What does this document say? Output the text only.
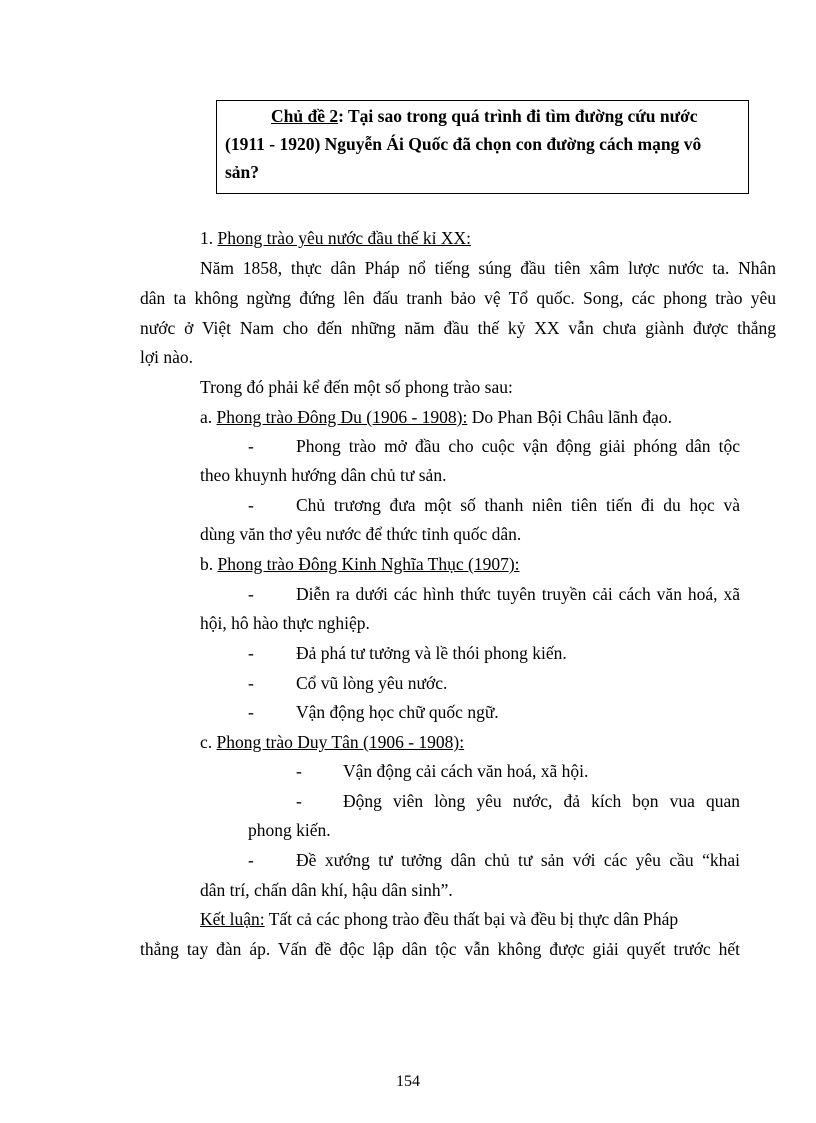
Chủ đề 2: Tại sao trong quá trình đi tìm đường cứu nước
(1911 - 1920) Nguyễn Ái Quốc đã chọn con đường cách mạng vô
sản?
1. Phong trào yêu nước đầu thế kỉ XX:
Năm 1858, thực dân Pháp nổ tiếng súng đầu tiên xâm lược nước ta. Nhân
dân ta không ngừng đứng lên đấu tranh bảo vệ Tổ quốc. Song, các phong trào yêu
nước ở Việt Nam cho đến những năm đầu thế kỷ XX vẫn chưa giành được thắng
lợi nào.
Trong đó phải kể đến một số phong trào sau:
a. Phong trào Đông Du (1906 - 1908): Do Phan Bội Châu lãnh đạo.
- Phong trào mở đầu cho cuộc vận động giải phóng dân tộc
theo khuynh hướng dân chủ tư sản.
- Chủ trương đưa một số thanh niên tiên tiến đi du học và
dùng văn thơ yêu nước để thức tỉnh quốc dân.
b. Phong trào Đông Kinh Nghĩa Thục (1907):
- Diễn ra dưới các hình thức tuyên truyền cải cách văn hoá, xã
hội, hô hào thực nghiệp.
- Đả phá tư tưởng và lề thói phong kiến.
- Cổ vũ lòng yêu nước.
- Vận động học chữ quốc ngữ.
c. Phong trào Duy Tân (1906 - 1908):
- Vận động cải cách văn hoá, xã hội.
- Động viên lòng yêu nước, đả kích bọn vua quan
phong kiến.
- Đề xướng tư tưởng dân chủ tư sản với các yêu cầu “khai
dân trí, chấn dân khí, hậu dân sinh”.
Kết luận: Tất cả các phong trào đều thất bại và đều bị thực dân Pháp
thẳng tay đàn áp. Vấn đề độc lập dân tộc vẫn không được giải quyết trước hết
154
